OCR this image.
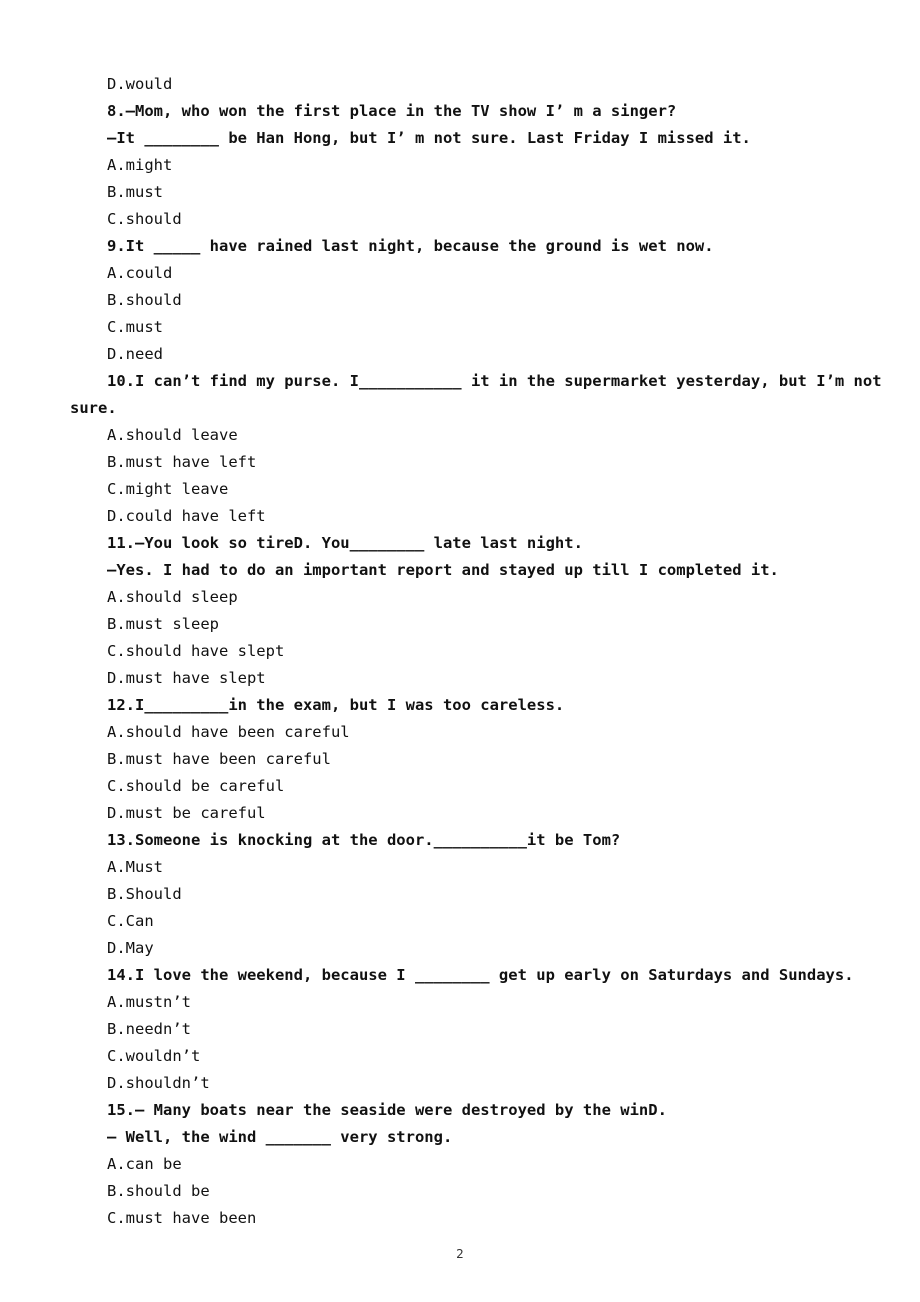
D.would

8.—Mom, who won the first place in the TV show I’ m a singer?

—It ________ be Han Hong, but I’ m not sure. Last Friday I missed it.

A.might

B.must

C.should

9.It _____ have rained last night, because the ground is wet now.

A.could

B.should

C.must

D.need

10.I can’t find my purse. I___________ it in the supermarket yesterday, but I’m not

sure.

A.should leave

B.must have left

C.might leave

D.could have left

11.—You look so tireD. You________ late last night.

—Yes. I had to do an important report and stayed up till I completed it.

A.should sleep

B.must sleep

C.should have slept

D.must have slept

12.I_________in the exam, but I was too careless.

A.should have been careful

B.must have been careful

C.should be careful

D.must be careful

13.Someone is knocking at the door.__________it be Tom?

A.Must

B.Should

C.Can

D.May

14.I love the weekend, because I ________ get up early on Saturdays and Sundays.

A.mustn’t

B.needn’t

C.wouldn’t

D.shouldn’t

15.— Many boats near the seaside were destroyed by the winD.

— Well, the wind _______ very strong.

A.can be

B.should be

C.must have been

2
